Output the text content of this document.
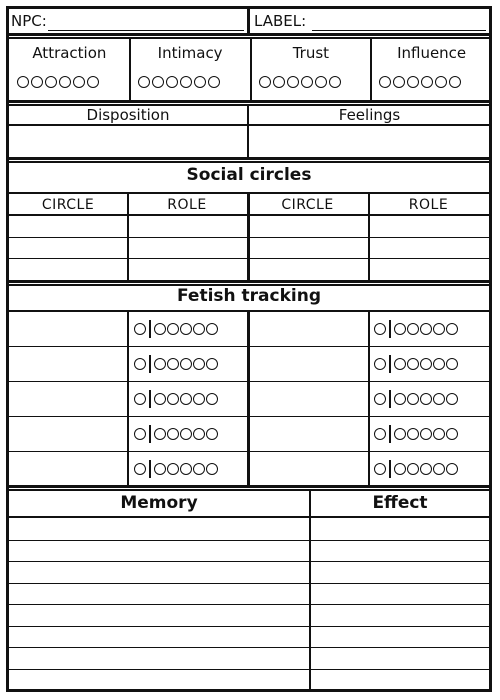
NPC:	LABEL:
Attraction	Intimacy	Trust	Influence
Disposition	Feelings
Social circles
CIRCLE	ROLE	CIRCLE	ROLE
Fetish tracking
Memory	Effect
